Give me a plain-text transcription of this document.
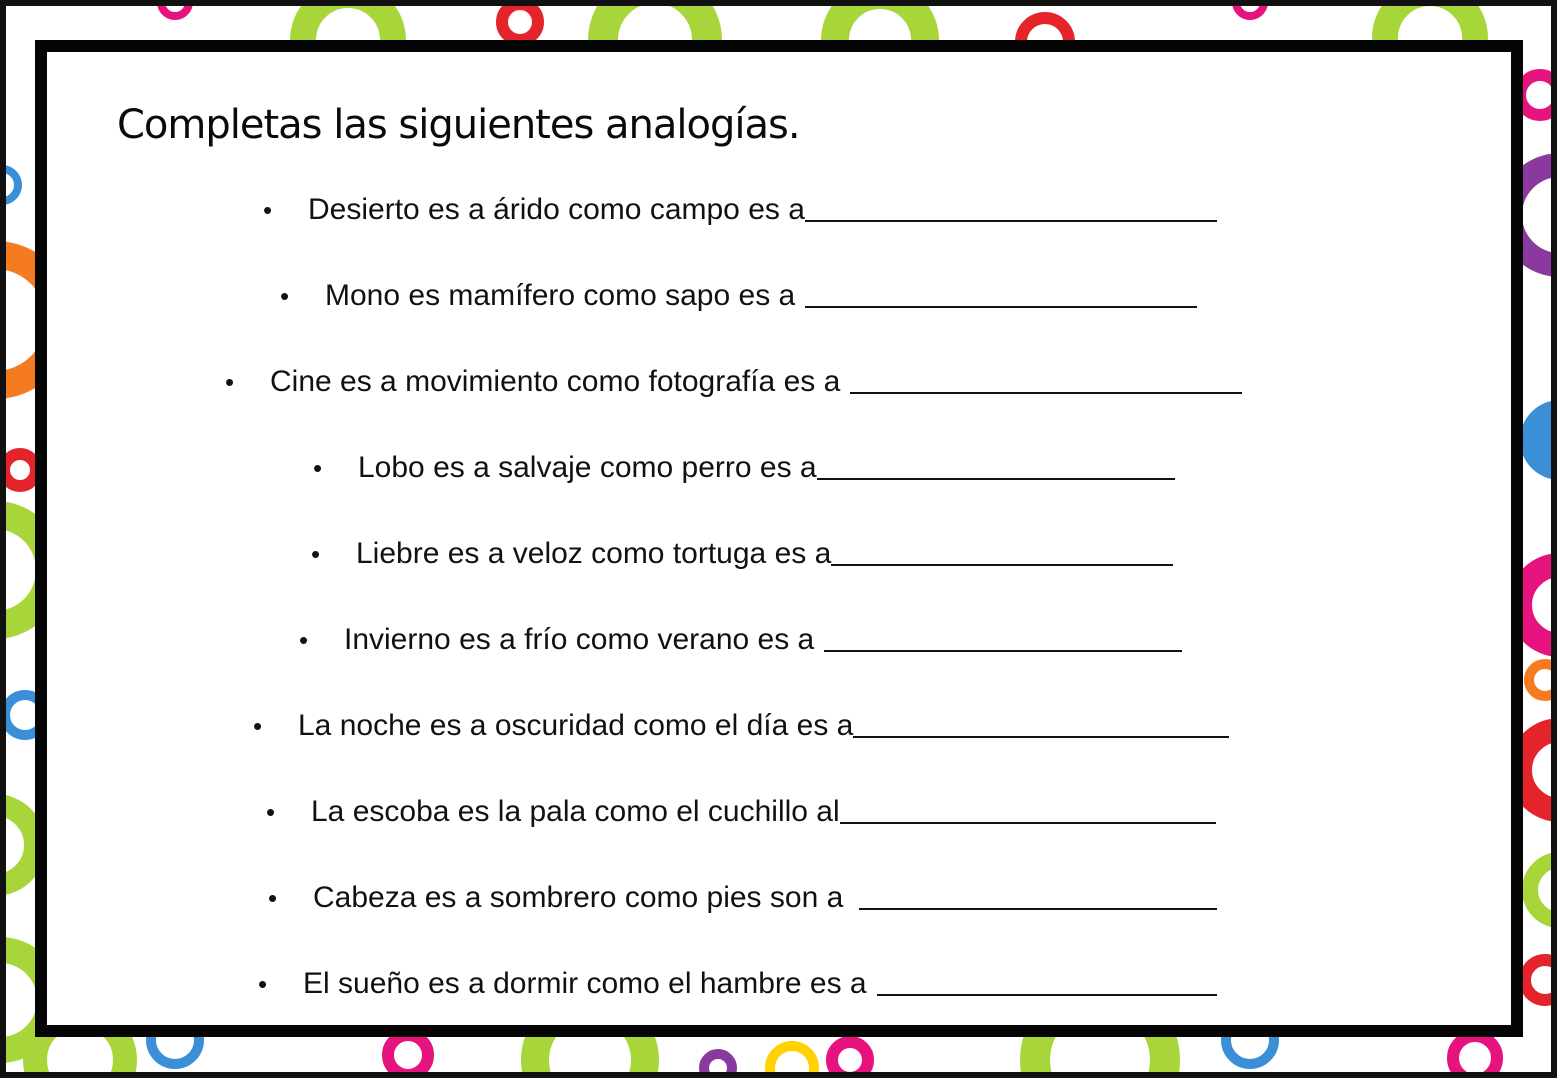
Completas las siguientes analogías.
•	Desierto es a árido como campo es a
•	Mono es mamífero como sapo es a
•	Cine es a movimiento como fotografía es a
•	Lobo es a salvaje como perro es a
•	Liebre es a veloz como tortuga es a
•	Invierno es a frío como verano es a
•	La noche es a oscuridad como el día es a
•	La escoba es la pala como el cuchillo al
•	Cabeza es a sombrero como pies son a
•	El sueño es a dormir como el hambre es a
